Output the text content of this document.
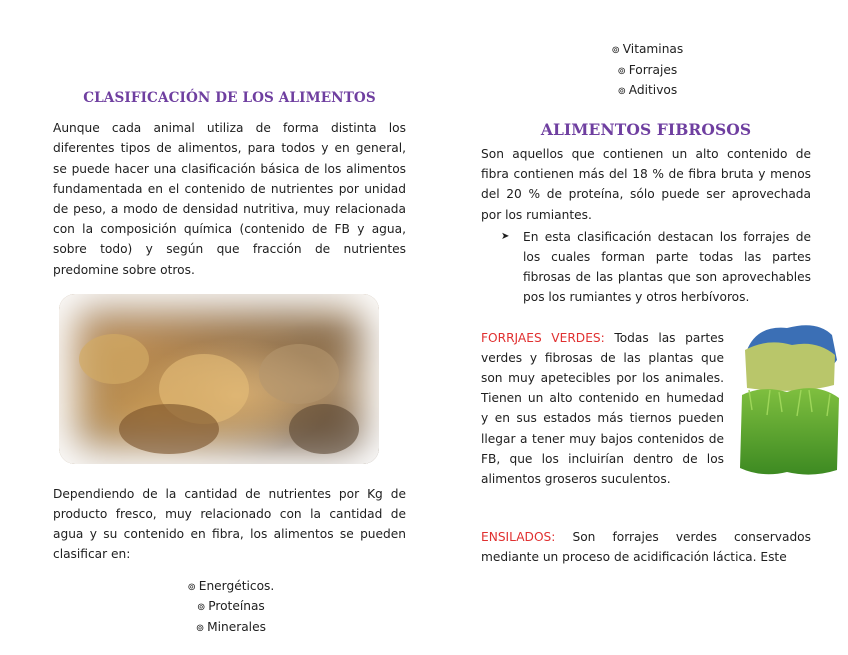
CLASIFICACIÓN DE LOS ALIMENTOS

Aunque cada animal utiliza de forma distinta los diferentes tipos de alimentos, para todos y en general, se puede hacer una clasificación básica de los alimentos fundamentada en el contenido de nutrientes por unidad de peso, a modo de densidad nutritiva, muy relacionada con la composición química (contenido de FB y agua, sobre todo) y según que fracción de nutrientes predomine sobre otros.

Dependiendo de la cantidad de nutrientes por Kg de producto fresco, muy relacionado con la cantidad de agua y su contenido en fibra, los alimentos se pueden clasificar en:

⊚ Energéticos.
⊚ Proteínas
⊚ Minerales
⊚ Vitaminas
⊚ Forrajes
⊚ Aditivos
ALIMENTOS FIBROSOS

Son aquellos que contienen un alto contenido de fibra contienen más del 18 % de fibra bruta y menos del 20 % de proteína, sólo puede ser aprovechada por los rumiantes.

➤ En esta clasificación destacan los forrajes de los cuales forman parte todas las partes fibrosas de las plantas que son aprovechables pos los rumiantes y otros herbívoros.

FORRJAES VERDES: Todas las partes verdes y fibrosas de las plantas que son muy apetecibles por los animales. Tienen un alto contenido en humedad y en sus estados más tiernos pueden llegar a tener muy bajos contenidos de FB, que los incluirían dentro de los alimentos groseros suculentos.

ENSILADOS: Son forrajes verdes conservados mediante un proceso de acidificación láctica. Este
